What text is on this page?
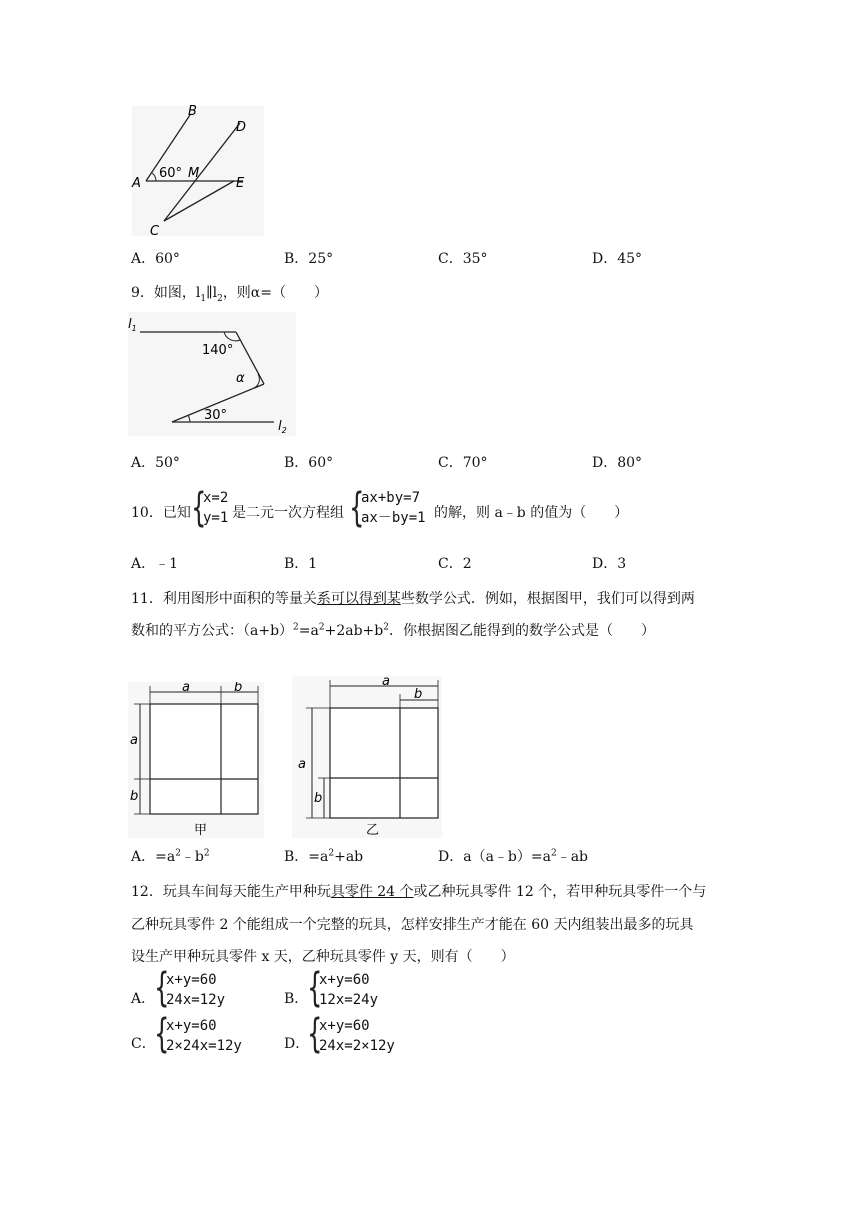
A
B
C
D
E
M
60°
A．60°	B．25°	C．35°	D．45°
9．如图，$l_1\parallel l_2$，则α=（　　）
$l_1$
$l_2$
140°
α
30°
A．50°	B．60°	C．70°	D．80°
10．已知 {
x=2
y=1 是二元一次方程组 {
ax+by=7
ax－by=1 的解，则 a﹣b 的值为（　　）
A．﹣1	B．1	C．2	D．3
11．利用图形中面积的等量关系可以得到某些数学公式．例如，根据图甲，我们可以得到两
数和的平方公式：$(a+b)^2=a^2+2ab+b^2$．你根据图乙能得到的数学公式是（　　）
a	b
a
b
甲
a
b
a
b
乙
A．$=a^2﹣b^2$	B．$=a^2+ab$	D．$a(a﹣b)=a^2﹣ab$
12．玩具车间每天能生产甲种玩具零件 24 个或乙种玩具零件 12 个，若甲种玩具零件一个与
乙种玩具零件 2 个能组成一个完整的玩具，怎样安排生产才能在 60 天内组装出最多的玩具
设生产甲种玩具零件 x 天，乙种玩具零件 y 天，则有（　　）
A．
{
x+y=60
24x=12y	B．
{
x+y=60
12x=24y
C．
{
x+y=60
2×24x=12y	D．
{
x+y=60
24x=2×12y
